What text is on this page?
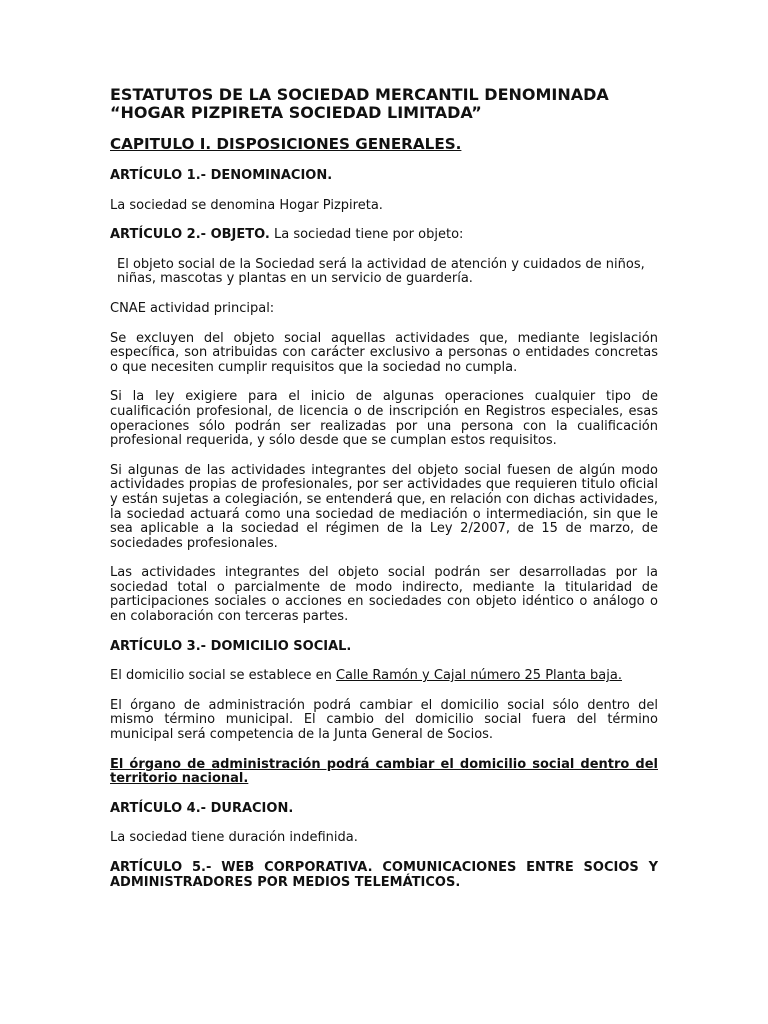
ESTATUTOS DE LA SOCIEDAD MERCANTIL DENOMINADA
“HOGAR PIZPIRETA SOCIEDAD LIMITADA”
CAPITULO I. DISPOSICIONES GENERALES.

ARTÍCULO 1.- DENOMINACION.

La sociedad se denomina Hogar Pizpireta.

ARTÍCULO 2.- OBJETO. La sociedad tiene por objeto:

El objeto social de la Sociedad será la actividad de atención y cuidados de niños,
niñas, mascotas y plantas en un servicio de guardería.

CNAE actividad principal:

Se excluyen del objeto social aquellas actividades que, mediante legislación específica, son atribuidas con carácter exclusivo a personas o entidades concretas o que necesiten cumplir requisitos que la sociedad no cumpla.

Si la ley exigiere para el inicio de algunas operaciones cualquier tipo de cualificación profesional, de licencia o de inscripción en Registros especiales, esas operaciones sólo podrán ser realizadas por una persona con la cualificación profesional requerida, y sólo desde que se cumplan estos requisitos.

Si algunas de las actividades integrantes del objeto social fuesen de algún modo actividades propias de profesionales, por ser actividades que requieren titulo oficial y están sujetas a colegiación, se entenderá que, en relación con dichas actividades, la sociedad actuará como una sociedad de mediación o intermediación, sin que le sea aplicable a la sociedad el régimen de la Ley 2/2007, de 15 de marzo, de sociedades profesionales.

Las actividades integrantes del objeto social podrán ser desarrolladas por la sociedad total o parcialmente de modo indirecto, mediante la titularidad de participaciones sociales o acciones en sociedades con objeto idéntico o análogo o en colaboración con terceras partes.

ARTÍCULO 3.- DOMICILIO SOCIAL.

El domicilio social se establece en Calle Ramón y Cajal número 25 Planta baja.

El órgano de administración podrá cambiar el domicilio social sólo dentro del mismo término municipal. El cambio del domicilio social fuera del término municipal será competencia de la Junta General de Socios.

El órgano de administración podrá cambiar el domicilio social dentro del territorio nacional.

ARTÍCULO 4.- DURACION.

La sociedad tiene duración indefinida.

ARTÍCULO 5.- WEB CORPORATIVA. COMUNICACIONES ENTRE SOCIOS Y ADMINISTRADORES POR MEDIOS TELEMÁTICOS.
